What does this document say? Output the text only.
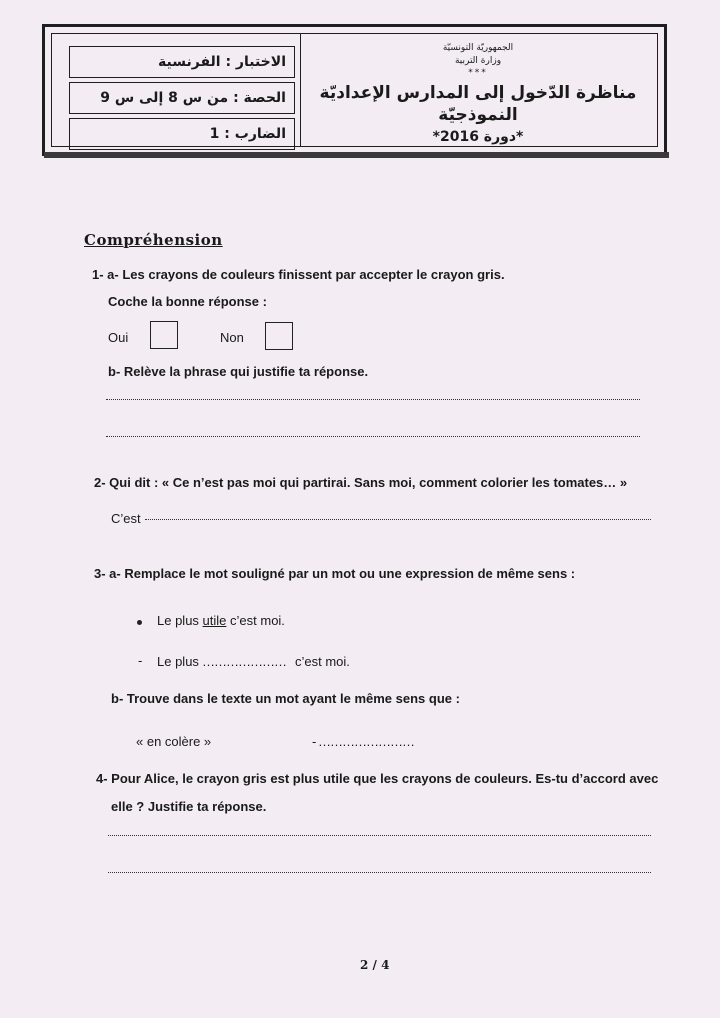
الاختبار : الفرنسية
الحصة : من س 8 إلى س 9
الضارب : 1
الجمهوريّة التونسيّة
وزارة التربية
***
مناظرة الدّخول إلى المدارس الإعداديّة النموذجيّة
*دورة 2016*
Compréhension
1- a- Les crayons de couleurs finissent par accepter le crayon gris.
Coche la bonne réponse :
Oui	Non
b- Relève la phrase qui justifie ta réponse.
2- Qui dit : « Ce n’est pas moi qui partirai. Sans moi, comment colorier les tomates… »
C’est
3- a- Remplace le mot souligné par un mot ou une expression de même sens :
Le plus utile c’est moi.
- Le plus ………………… c’est moi.
b- Trouve dans le texte un mot ayant le même sens que :
« en colère »	- ……………………
4- Pour Alice, le crayon gris est plus utile que les crayons de couleurs. Es-tu d’accord avec
elle ? Justifie ta réponse.
2 / 4
